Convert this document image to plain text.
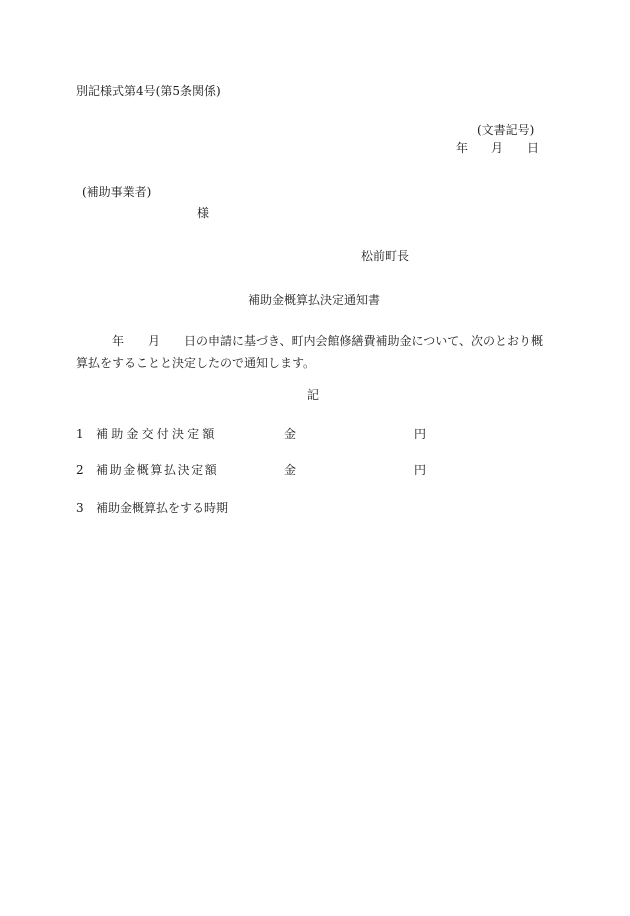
別記様式第4号(第5条関係)
(文書記号)
年 月 日
(補助事業者)
様
松前町長
補助金概算払決定通知書
年　　月　　日の申請に基づき、町内会館修繕費補助金について、次のとおり概算払をすることと決定したので通知します。
記
1 補助金交付決定額	金	円
2 補助金概算払決定額	金	円
3 補助金概算払をする時期
